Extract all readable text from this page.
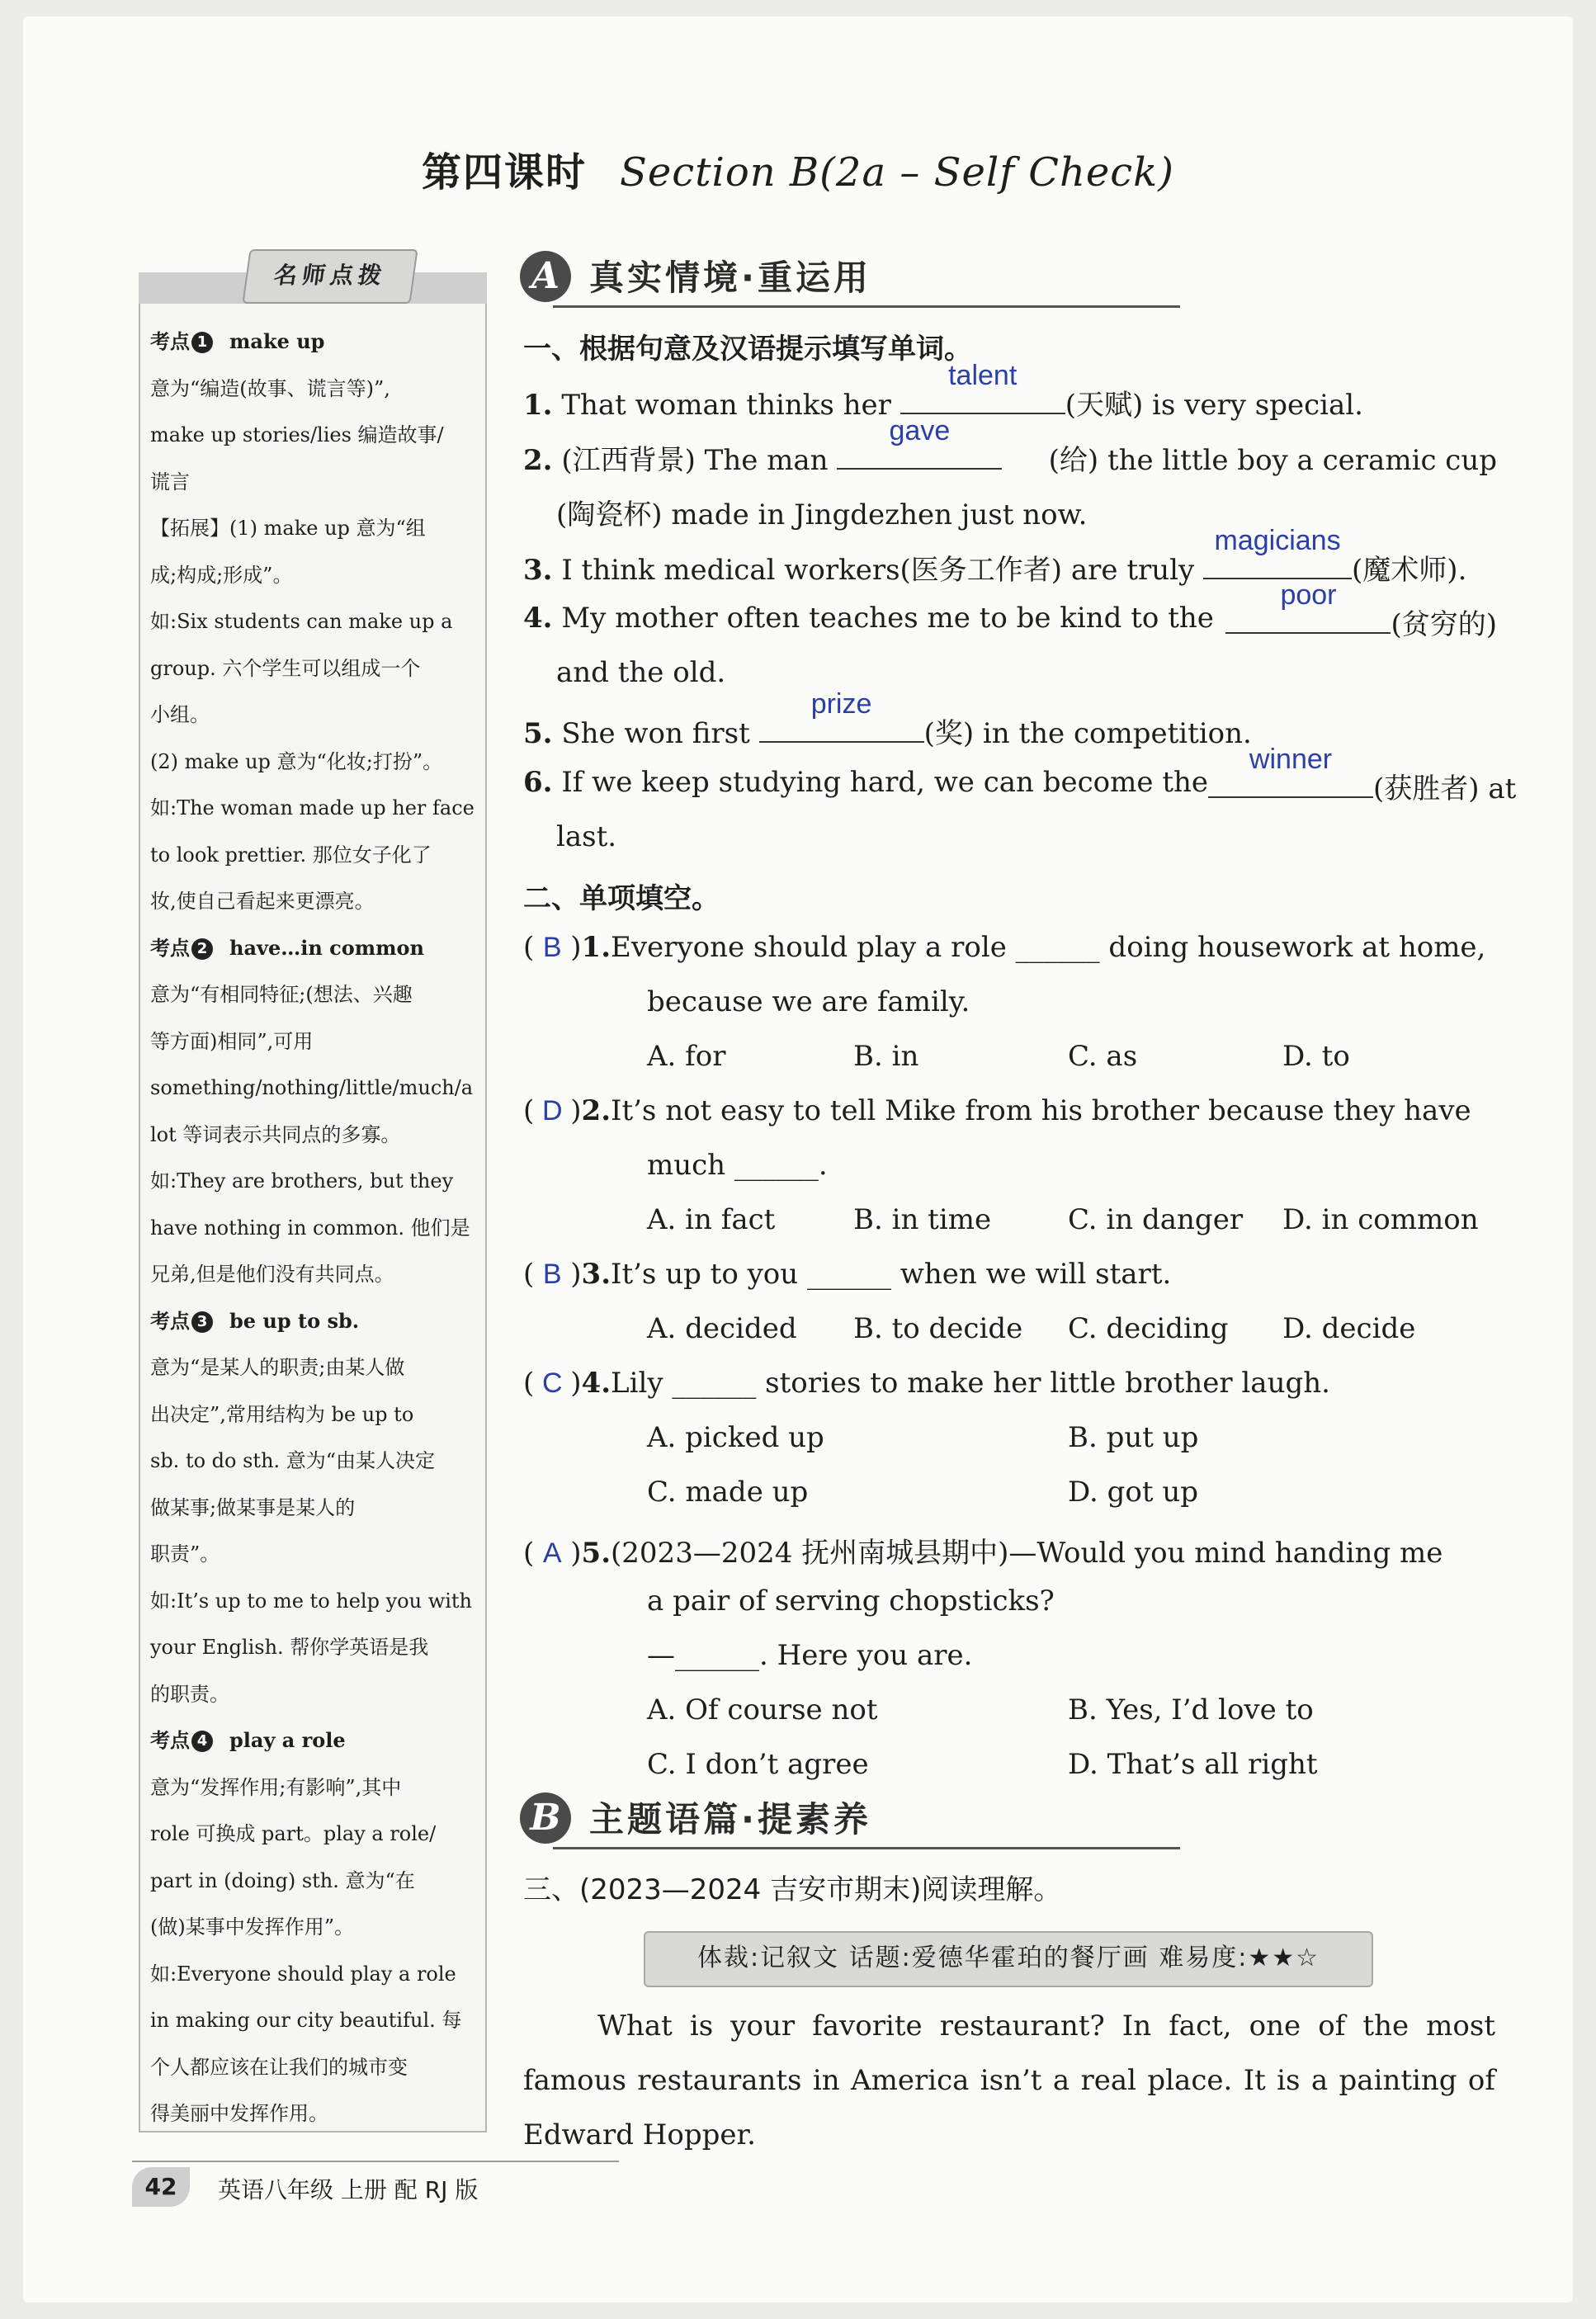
第四课时 Section B(2a – Self Check)
名师点拨

考点 1 make up

意为“编造(故事、谎言等)”,

make up stories/lies 编造故事/

谎言

【拓展】(1) make up 意为“组

成;构成;形成”。

如:Six students can make up a

group. 六个学生可以组成一个

小组。

(2) make up 意为“化妆;打扮”。

如:The woman made up her face

to look prettier. 那位女子化了

妆,使自己看起来更漂亮。

考点 2 have…in common

意为“有相同特征;(想法、兴趣

等方面)相同”,可用

something/nothing/little/much/a

lot 等词表示共同点的多寡。

如:They are brothers, but they

have nothing in common. 他们是

兄弟,但是他们没有共同点。

考点 3 be up to sb.

意为“是某人的职责;由某人做

出决定”,常用结构为 be up to

sb. to do sth. 意为“由某人决定

做某事;做某事是某人的

职责”。

如:It’s up to me to help you with

your English. 帮你学英语是我

的职责。

考点 4 play a role

意为“发挥作用;有影响”,其中

role 可换成 part。play a role/

part in (doing) sth. 意为“在

(做)某事中发挥作用”。

如:Everyone should play a role

in making our city beautiful. 每

个人都应该在让我们的城市变

得美丽中发挥作用。

A 真实情境·重运用
一、根据句意及汉语提示填写单词。
1. That woman thinks her
talent
(天赋) is very special.
2. (江西背景) The man
gave
(给) the little boy a ceramic cup
(陶瓷杯) made in Jingdezhen just now.
3. I think medical workers(医务工作者) are truly
magicians
(魔术师).
4. My mother often teaches me to be kind to the
poor
(贫穷的)
and the old.
5. She won first
prize
(奖) in the competition.
6. If we keep studying hard, we can become the
winner
(获胜者) at
last.
二、单项填空。
( B )1.Everyone should play a role ______ doing housework at home,
because we are family.
A. for	B. in	C. as	D. to
( D )2.It’s not easy to tell Mike from his brother because they have
much ______.
A. in fact	B. in time	C. in danger D. in common
( B )3.It’s up to you ______ when we will start.
A. decided B. to decide C. deciding D. decide
( C )4.Lily ______ stories to make her little brother laugh.
A. picked up	B. put up
C. made up	D. got up
( A )5.(2023—2024 抚州南城县期中)—Would you mind handing me
a pair of serving chopsticks?
—______. Here you are.
A. Of course not	B. Yes, I’d love to
C. I don’t agree	D. That’s all right
B 主题语篇·提素养
三、(2023—2024 吉安市期末)阅读理解。
体裁:记叙文 话题:爱德华霍珀的餐厅画 难易度:★★☆
What is your favorite restaurant? In fact, one of the most famous restaurants in America isn’t a real place. It is a painting of Edward Hopper.
42	英语八年级 上册 配 RJ 版
